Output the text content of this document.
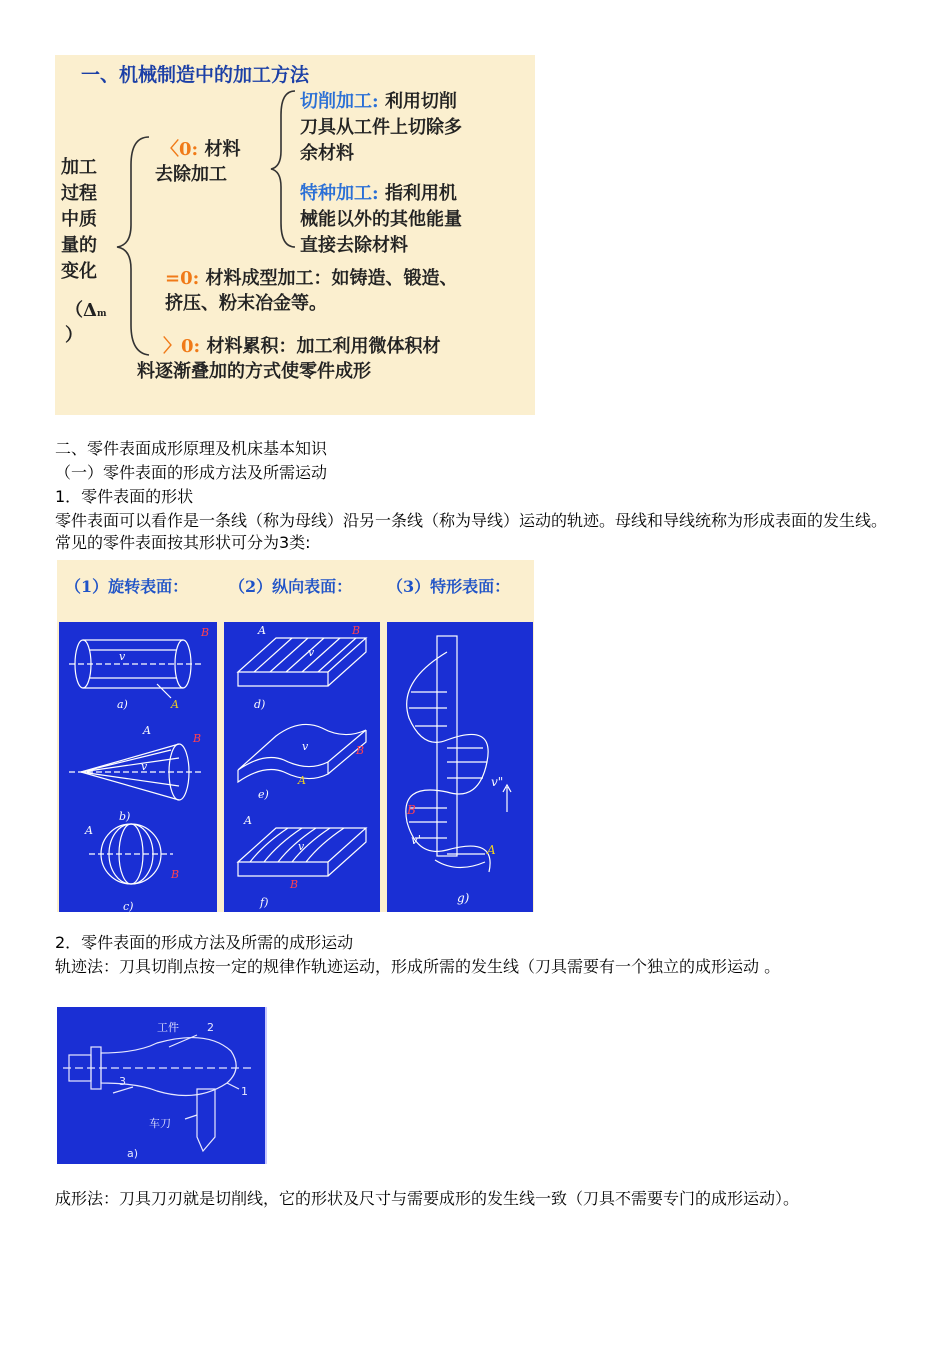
一、机械制造中的加工方法
加工
过程
中质
量的
变化
（Δm
）
〈0: 材料
去除加工
切削加工: 利用切削
刀具从工件上切除多
余材料
特种加工: 指利用机
械能以外的其他能量
直接去除材料
=0: 材料成型加工：如铸造、锻造、
挤压、粉末冶金等。
〉0: 材料累积：加工利用微体积材
料逐渐叠加的方式使零件成形

二、零件表面成形原理及机床基本知识

（一）零件表面的形成方法及所需运动

1．零件表面的形状

零件表面可以看作是一条线（称为母线）沿另一条线（称为导线）运动的轨迹。母线和导线统称为形成表面的发生线。常见的零件表面按其形状可分为3类:

（1）旋转表面：	（2）纵向表面： （3）特形表面：
v
a)
b)
c)
v
A
A
A
B
B
B
A
v
d)
v
e)
A
v
f)
A
B
B
B
v"
v'
g)
B
A

2．零件表面的形成方法及所需的成形运动

轨迹法：刀具切削点按一定的规律作轨迹运动，形成所需的发生线（刀具需要有一个独立的成形运动 。

工件	2
1
3
车刀
a)

成形法：刀具刀刃就是切削线，它的形状及尺寸与需要成形的发生线一致（刀具不需要专门的成形运动）。
